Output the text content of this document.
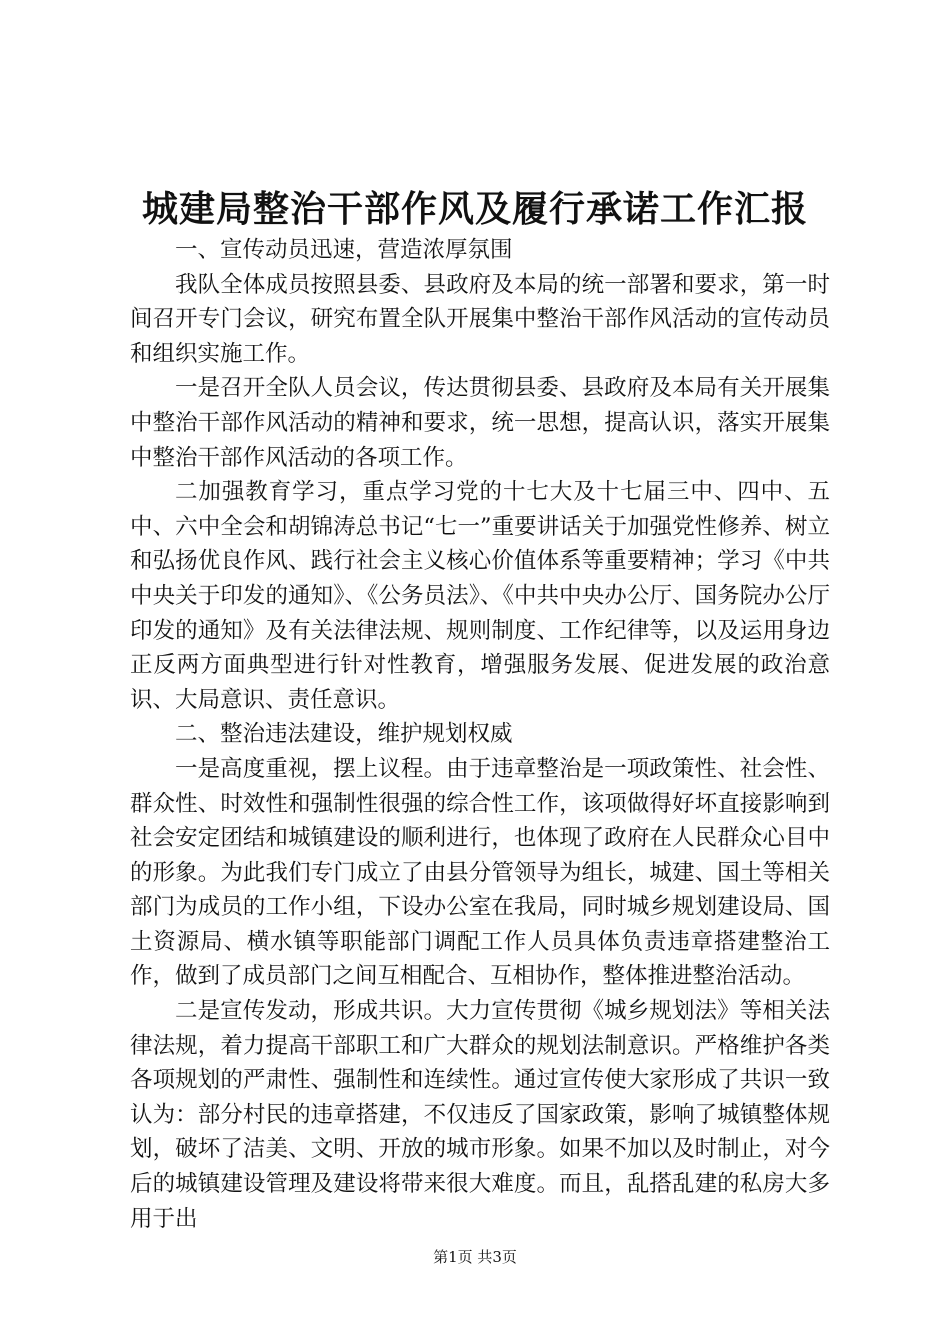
城建局整治干部作风及履行承诺工作汇报

一、宣传动员迅速，营造浓厚氛围

我队全体成员按照县委、县政府及本局的统一部署和要求，第一时间召开专门会议，研究布置全队开展集中整治干部作风活动的宣传动员和组织实施工作。

一是召开全队人员会议，传达贯彻县委、县政府及本局有关开展集中整治干部作风活动的精神和要求，统一思想，提高认识，落实开展集中整治干部作风活动的各项工作。

二加强教育学习，重点学习党的十七大及十七届三中、四中、五中、六中全会和胡锦涛总书记“七一”重要讲话关于加强党性修养、树立和弘扬优良作风、践行社会主义核心价值体系等重要精神；学习《中共中央关于印发的通知》、《公务员法》、《中共中央办公厅、国务院办公厅印发的通知》及有关法律法规、规则制度、工作纪律等，以及运用身边正反两方面典型进行针对性教育，增强服务发展、促进发展的政治意识、大局意识、责任意识。

二、整治违法建设，维护规划权威

一是高度重视，摆上议程。由于违章整治是一项政策性、社会性、群众性、时效性和强制性很强的综合性工作，该项做得好坏直接影响到社会安定团结和城镇建设的顺利进行，也体现了政府在人民群众心目中的形象。为此我们专门成立了由县分管领导为组长，城建、国土等相关部门为成员的工作小组，下设办公室在我局，同时城乡规划建设局、国土资源局、横水镇等职能部门调配工作人员具体负责违章搭建整治工作，做到了成员部门之间互相配合、互相协作，整体推进整治活动。

二是宣传发动，形成共识。大力宣传贯彻《城乡规划法》等相关法律法规，着力提高干部职工和广大群众的规划法制意识。严格维护各类各项规划的严肃性、强制性和连续性。通过宣传使大家形成了共识一致认为：部分村民的违章搭建，不仅违反了国家政策，影响了城镇整体规划，破坏了洁美、文明、开放的城市形象。如果不加以及时制止，对今后的城镇建设管理及建设将带来很大难度。而且，乱搭乱建的私房大多用于出

第1页 共3页
